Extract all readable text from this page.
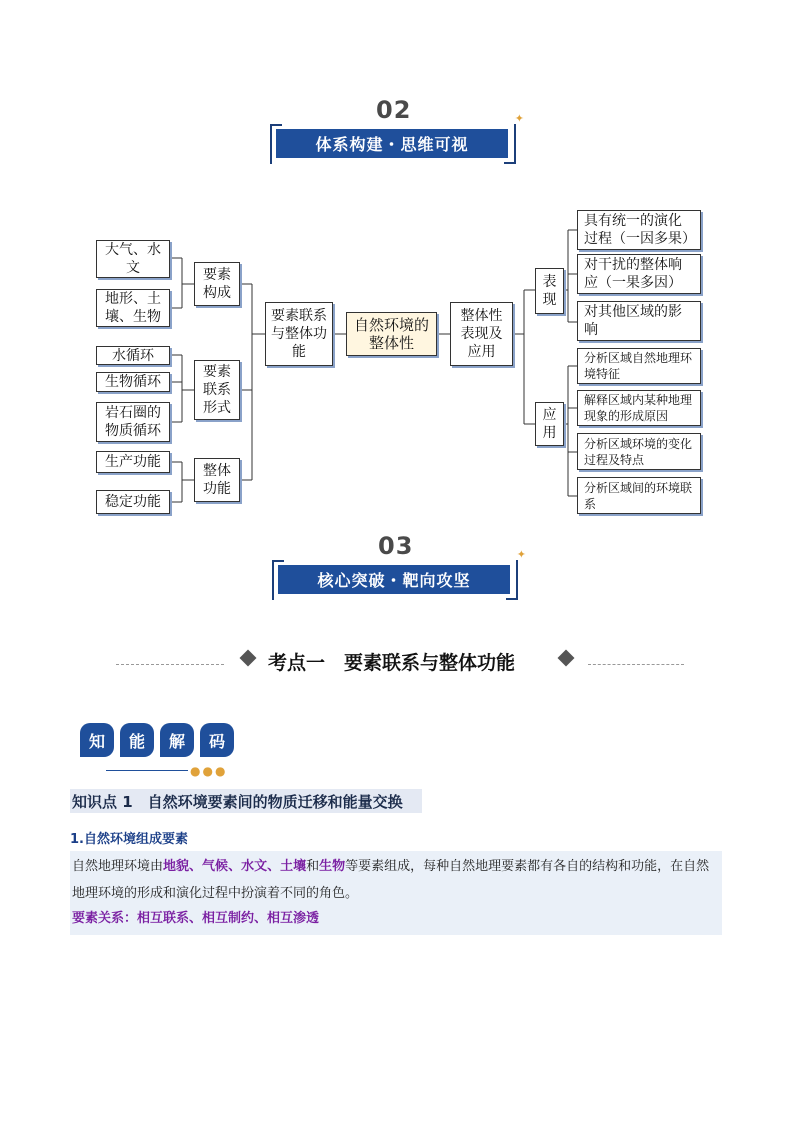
02
体系构建・思维可视
✦
大气、水文
地形、土壤、生物
水循环
生物循环
岩石圈的物质循环
生产功能
稳定功能
要素构成
要素联系形式
整体功能
要素联系与整体功能
自然环境的整体性
整体性表现及应用
表现
应用
具有统一的演化过程（一因多果）
对干扰的整体响应（一果多因）
对其他区域的影响
分析区域自然地理环境特征
解释区域内某种地理现象的形成原因
分析区域环境的变化过程及特点
分析区域间的环境联系
03
核心突破・靶向攻坚
✦
考点一　要素联系与整体功能
知	能	解	码
●●●
知识点 1　自然环境要素间的物质迁移和能量交换
1.自然环境组成要素
自然地理环境由地貌、气候、水文、土壤和生物等要素组成，每种自然地理要素都有各自的结构和功能，在自然地理环境的形成和演化过程中扮演着不同的角色。
要素关系：相互联系、相互制约、相互渗透
